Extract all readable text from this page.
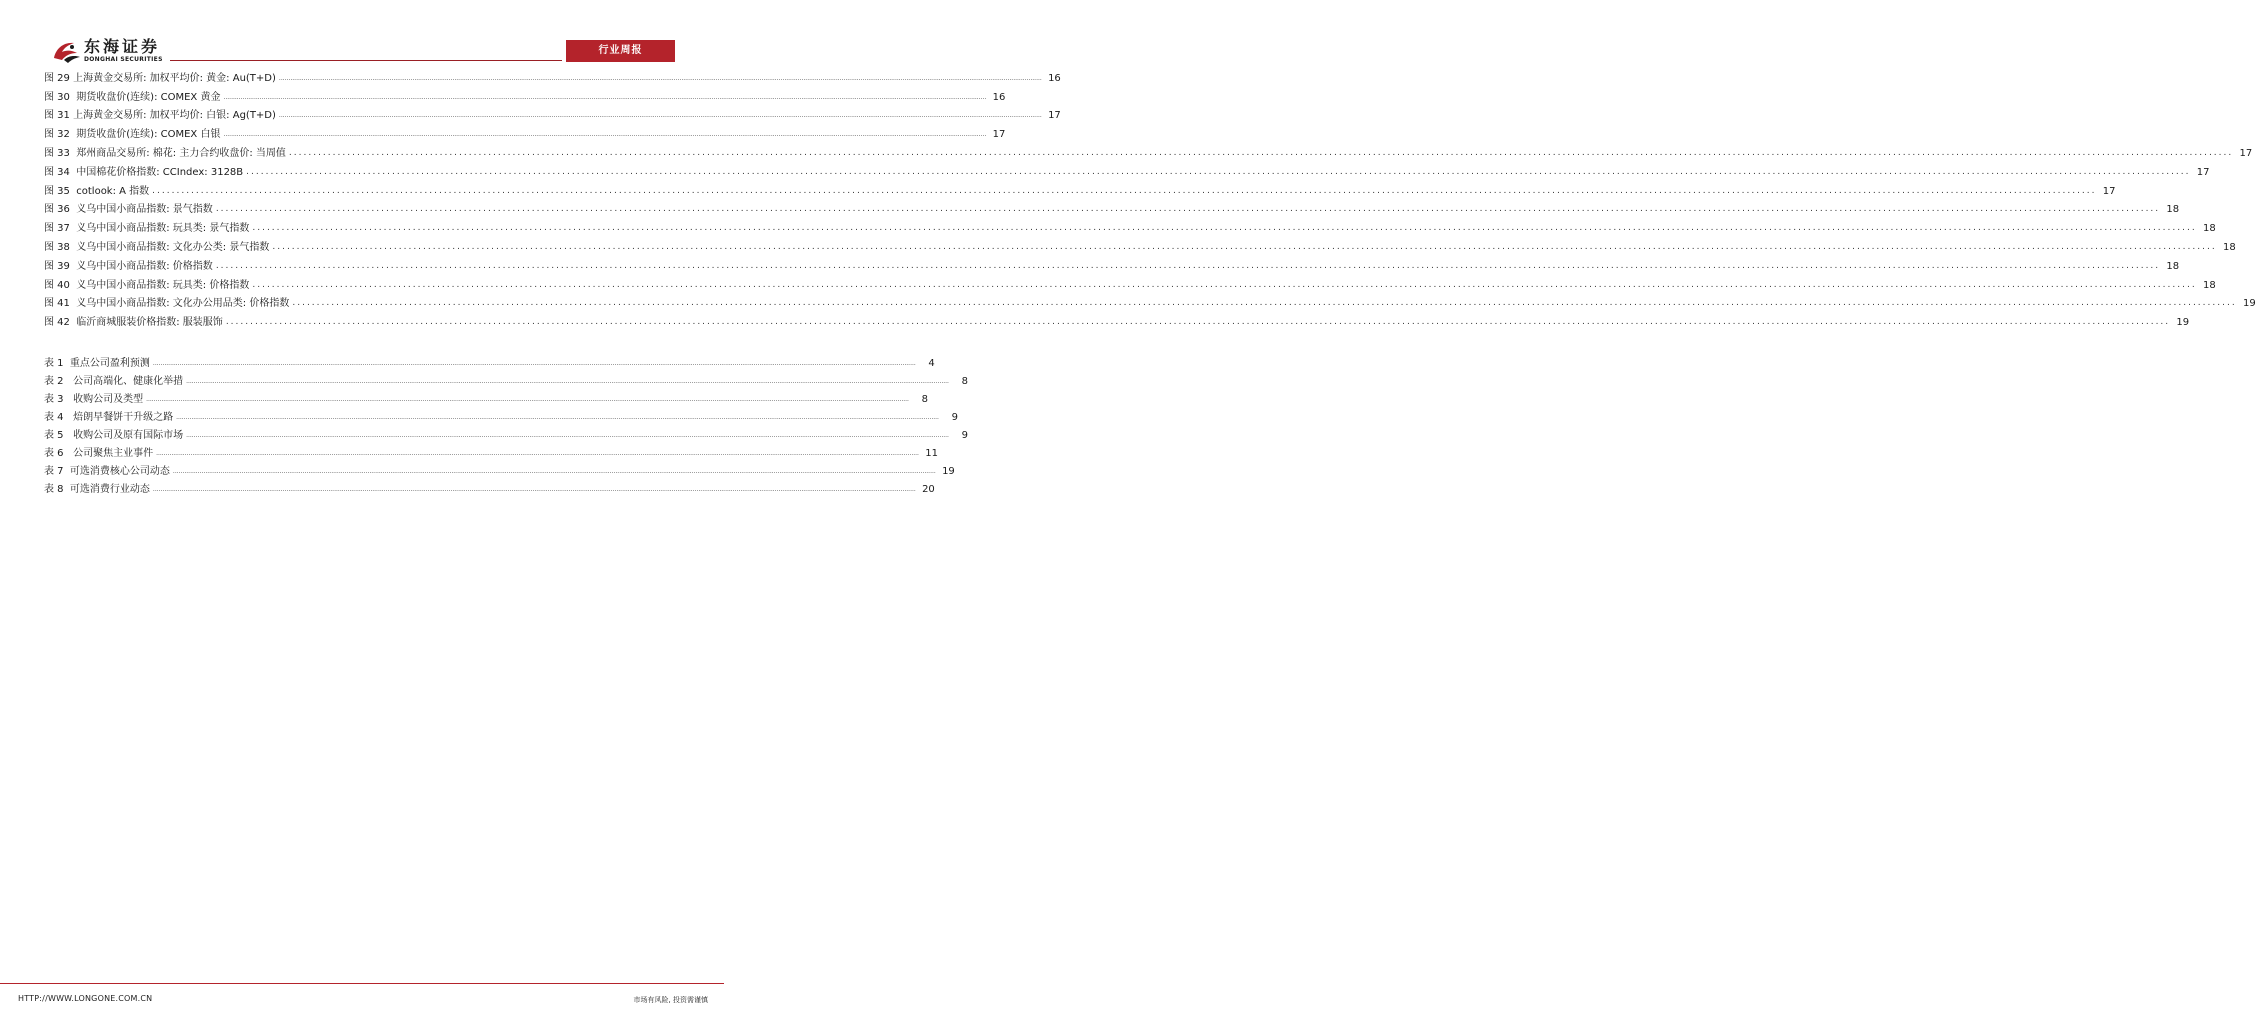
东海证券
DONGHAI SECURITIES
行业周报
图 29 上海黄金交易所: 加权平均价: 黄金: Au(T+D) ................................................................................................................................................................................................................................................................................................................................................................................................................ 16
图 30  期货收盘价(连续): COMEX 黄金 ................................................................................................................................................................................................................................................................................................................................................................................................................ 16
图 31 上海黄金交易所: 加权平均价: 白银: Ag(T+D) ................................................................................................................................................................................................................................................................................................................................................................................................................ 17
图 32  期货收盘价(连续): COMEX 白银 ................................................................................................................................................................................................................................................................................................................................................................................................................ 17
图 33  郑州商品交易所: 棉花: 主力合约收盘价: 当周值 ................................................................................................................................................................................................................................................................................................................................................................................................................ 17
图 34  中国棉花价格指数: CCIndex: 3128B ................................................................................................................................................................................................................................................................................................................................................................................................................ 17
图 35  cotlook: A 指数 ................................................................................................................................................................................................................................................................................................................................................................................................................ 17
图 36  义乌中国小商品指数: 景气指数 ................................................................................................................................................................................................................................................................................................................................................................................................................ 18
图 37  义乌中国小商品指数: 玩具类: 景气指数 ................................................................................................................................................................................................................................................................................................................................................................................................................ 18
图 38  义乌中国小商品指数: 文化办公类: 景气指数 ................................................................................................................................................................................................................................................................................................................................................................................................................ 18
图 39  义乌中国小商品指数: 价格指数 ................................................................................................................................................................................................................................................................................................................................................................................................................ 18
图 40  义乌中国小商品指数: 玩具类: 价格指数 ................................................................................................................................................................................................................................................................................................................................................................................................................ 18
图 41  义乌中国小商品指数: 文化办公用品类: 价格指数 ................................................................................................................................................................................................................................................................................................................................................................................................................ 19
图 42  临沂商城服装价格指数: 服装服饰 ................................................................................................................................................................................................................................................................................................................................................................................................................ 19
表 1  重点公司盈利预测 ................................................................................................................................................................................................................................................................................................................................................................................................................	4
表 2   公司高端化、健康化举措 ................................................................................................................................................................................................................................................................................................................................................................................................................	8
表 3   收购公司及类型 ................................................................................................................................................................................................................................................................................................................................................................................................................	8
表 4   焙朗早餐饼干升级之路 ................................................................................................................................................................................................................................................................................................................................................................................................................	9
表 5   收购公司及原有国际市场 ................................................................................................................................................................................................................................................................................................................................................................................................................	9
表 6   公司聚焦主业事件 ................................................................................................................................................................................................................................................................................................................................................................................................................ 11
表 7  可选消费核心公司动态 ................................................................................................................................................................................................................................................................................................................................................................................................................ 19
表 8  可选消费行业动态 ................................................................................................................................................................................................................................................................................................................................................................................................................ 20
HTTP://WWW.LONGONE.COM.CN	市场有风险, 投资需谨慎
